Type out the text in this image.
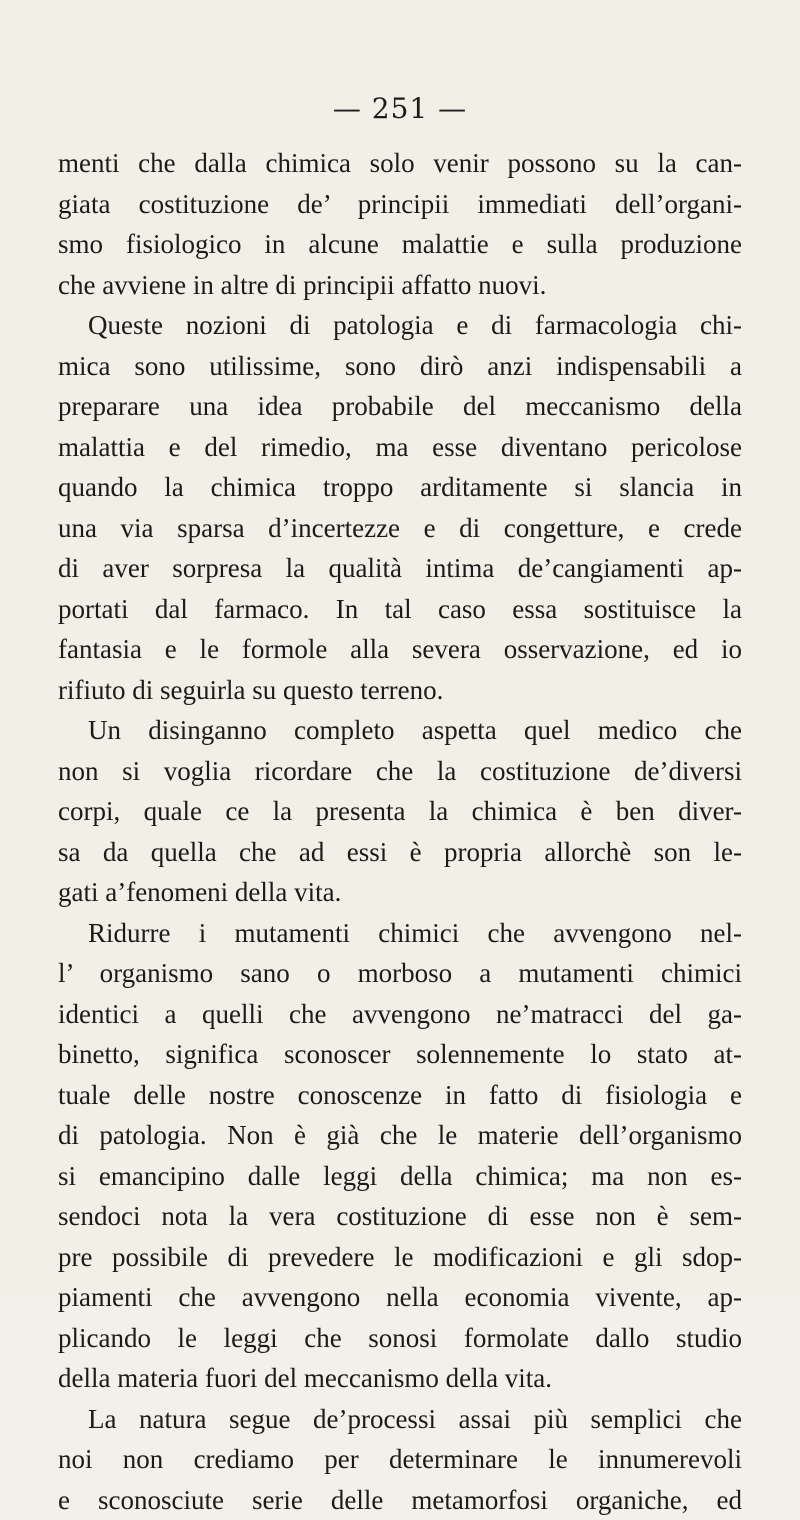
— 251 —
menti che dalla chimica solo venir possono su la can-
giata costituzione de’ principii immediati dell’organi-
smo fisiologico in alcune malattie e sulla produzione
che avviene in altre di principii affatto nuovi.
Queste nozioni di patologia e di farmacologia chi-
mica sono utilissime, sono dirò anzi indispensabili a
preparare una idea probabile del meccanismo della
malattia e del rimedio, ma esse diventano pericolose
quando la chimica troppo arditamente si slancia in
una via sparsa d’incertezze e di congetture, e crede
di aver sorpresa la qualità intima de’cangiamenti ap-
portati dal farmaco. In tal caso essa sostituisce la
fantasia e le formole alla severa osservazione, ed io
rifiuto di seguirla su questo terreno.
Un disinganno completo aspetta quel medico che
non si voglia ricordare che la costituzione de’diversi
corpi, quale ce la presenta la chimica è ben diver-
sa da quella che ad essi è propria allorchè son le-
gati a’fenomeni della vita.
Ridurre i mutamenti chimici che avvengono nel-
l’ organismo sano o morboso a mutamenti chimici
identici a quelli che avvengono ne’matracci del ga-
binetto, significa sconoscer solennemente lo stato at-
tuale delle nostre conoscenze in fatto di fisiologia e
di patologia. Non è già che le materie dell’organismo
si emancipino dalle leggi della chimica; ma non es-
sendoci nota la vera costituzione di esse non è sem-
pre possibile di prevedere le modificazioni e gli sdop-
piamenti che avvengono nella economia vivente, ap-
plicando le leggi che sonosi formolate dallo studio
della materia fuori del meccanismo della vita.
La natura segue de’processi assai più semplici che
noi non crediamo per determinare le innumerevoli
e sconosciute serie delle metamorfosi organiche, ed
